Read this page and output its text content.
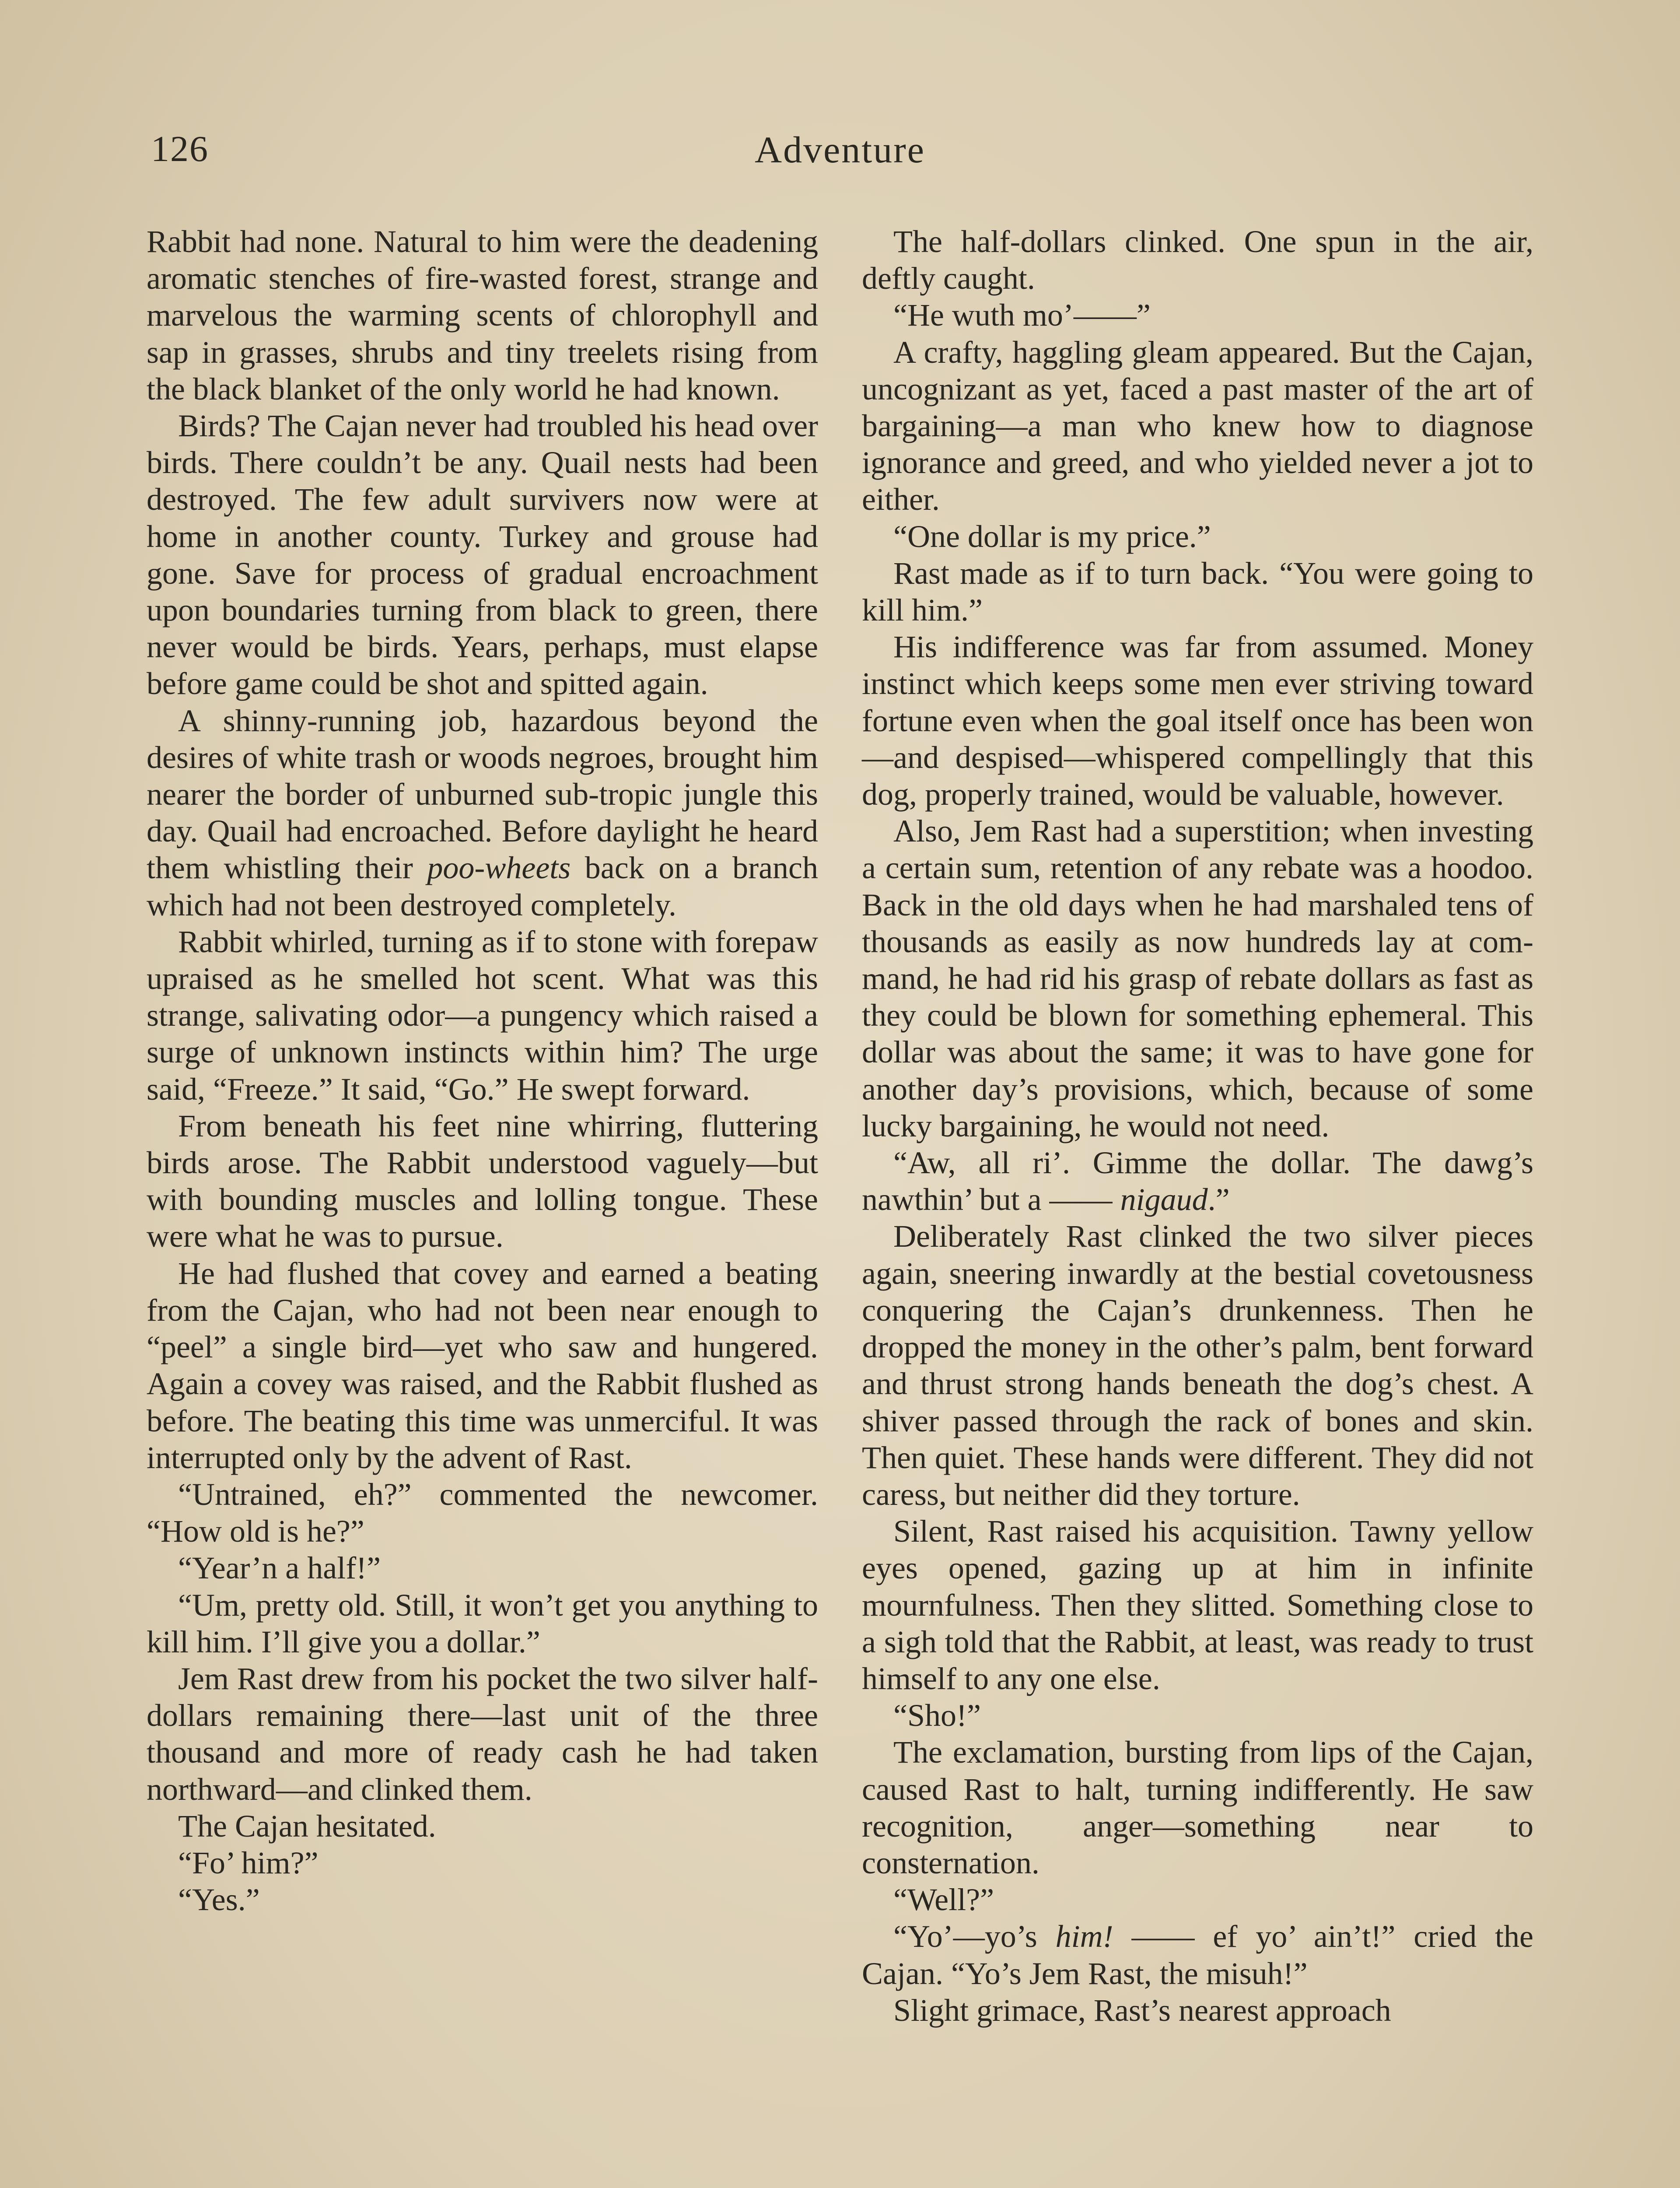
126	Adventure

Rabbit had none. Natural to him were the deadening aromatic stenches of fire-wasted forest, strange and marvelous the warming scents of chlorophyll and sap in grasses, shrubs and tiny treelets rising from the black blanket of the only world he had known.

Birds? The Cajan never had troubled his head over birds. There couldn’t be any. Quail nests had been destroyed. The few adult survivers now were at home in another county. Turkey and grouse had gone. Save for process of gradual encroachment upon boundaries turning from black to green, there never would be birds. Years, perhaps, must elapse before game could be shot and spitted again.

A shinny-running job, hazardous beyond the desires of white trash or woods negroes, brought him nearer the border of unburned sub-tropic jungle this day. Quail had encroached. Before daylight he heard them whistling their poo-wheets back on a branch which had not been destroyed completely.

Rabbit whirled, turning as if to stone with forepaw upraised as he smelled hot scent. What was this strange, salivating odor—a pungency which raised a surge of unknown instincts within him? The urge said, “Freeze.” It said, “Go.” He swept forward.

From beneath his feet nine whirring, fluttering birds arose. The Rabbit understood vaguely—but with bounding muscles and lolling tongue. These were what he was to pursue.

He had flushed that covey and earned a beating from the Cajan, who had not been near enough to “peel” a single bird—yet who saw and hungered. Again a covey was raised, and the Rabbit flushed as before. The beating this time was unmerciful. It was interrupted only by the advent of Rast.

“Untrained, eh?” commented the newcomer. “How old is he?”

“Year’n a half!”

“Um, pretty old. Still, it won’t get you anything to kill him. I’ll give you a dollar.”

Jem Rast drew from his pocket the two silver half-dollars remaining there—last unit of the three thousand and more of ready cash he had taken northward—and clinked them.

The Cajan hesitated.

“Fo’ him?”

“Yes.”

The half-dollars clinked. One spun in the air, deftly caught.

“He wuth mo’——”

A crafty, haggling gleam appeared. But the Cajan, uncognizant as yet, faced a past master of the art of bargaining—a man who knew how to diagnose ignorance and greed, and who yielded never a jot to either.

“One dollar is my price.”

Rast made as if to turn back. “You were going to kill him.”

His indifference was far from assumed. Money instinct which keeps some men ever striving toward fortune even when the goal itself once has been won—and despised—whispered compellingly that this dog, properly trained, would be valuable, however.

Also, Jem Rast had a superstition; when investing a certain sum, retention of any rebate was a hoodoo. Back in the old days when he had marshaled tens of thousands as easily as now hundreds lay at command, he had rid his grasp of rebate dollars as fast as they could be blown for something ephemeral. This dollar was about the same; it was to have gone for another day’s provisions, which, because of some lucky bargaining, he would not need.

“Aw, all ri’. Gimme the dollar. The dawg’s nawthin’ but a —— nigaud.”

Deliberately Rast clinked the two silver pieces again, sneering inwardly at the bestial covetousness conquering the Cajan’s drunkenness. Then he dropped the money in the other’s palm, bent forward and thrust strong hands beneath the dog’s chest. A shiver passed through the rack of bones and skin. Then quiet. These hands were different. They did not caress, but neither did they torture.

Silent, Rast raised his acquisition. Tawny yellow eyes opened, gazing up at him in infinite mournfulness. Then they slitted. Something close to a sigh told that the Rabbit, at least, was ready to trust himself to any one else.

“Sho!”

The exclamation, bursting from lips of the Cajan, caused Rast to halt, turning indifferently. He saw recognition, anger—something near to consternation.

“Well?”

“Yo’—yo’s him! —— ef yo’ ain’t!” cried the Cajan. “Yo’s Jem Rast, the misuh!”

Slight grimace, Rast’s nearest approach
